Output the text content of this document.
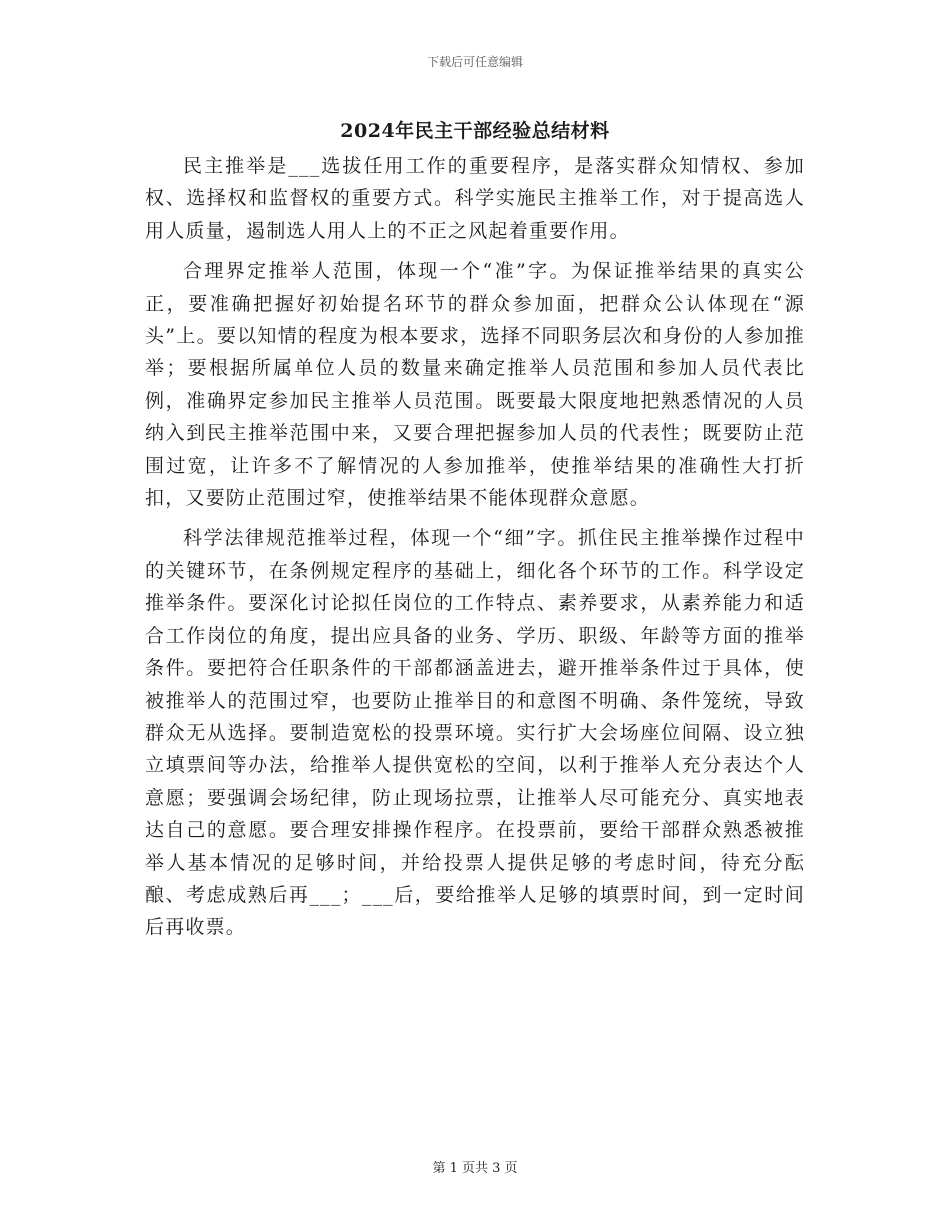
下载后可任意编辑
2024年民主干部经验总结材料

民主推举是___选拔任用工作的重要程序，是落实群众知情权、参加权、选择权和监督权的重要方式。科学实施民主推举工作，对于提高选人用人质量，遏制选人用人上的不正之风起着重要作用。

合理界定推举人范围，体现一个“准”字。为保证推举结果的真实公正，要准确把握好初始提名环节的群众参加面，把群众公认体现在“源头”上。要以知情的程度为根本要求，选择不同职务层次和身份的人参加推举；要根据所属单位人员的数量来确定推举人员范围和参加人员代表比例，准确界定参加民主推举人员范围。既要最大限度地把熟悉情况的人员纳入到民主推举范围中来，又要合理把握参加人员的代表性；既要防止范围过宽，让许多不了解情况的人参加推举，使推举结果的准确性大打折扣，又要防止范围过窄，使推举结果不能体现群众意愿。

科学法律规范推举过程，体现一个“细”字。抓住民主推举操作过程中的关键环节，在条例规定程序的基础上，细化各个环节的工作。科学设定推举条件。要深化讨论拟任岗位的工作特点、素养要求，从素养能力和适合工作岗位的角度，提出应具备的业务、学历、职级、年龄等方面的推举条件。要把符合任职条件的干部都涵盖进去，避开推举条件过于具体，使被推举人的范围过窄，也要防止推举目的和意图不明确、条件笼统，导致群众无从选择。要制造宽松的投票环境。实行扩大会场座位间隔、设立独立填票间等办法，给推举人提供宽松的空间，以利于推举人充分表达个人意愿；要强调会场纪律，防止现场拉票，让推举人尽可能充分、真实地表达自己的意愿。要合理安排操作程序。在投票前，要给干部群众熟悉被推举人基本情况的足够时间，并给投票人提供足够的考虑时间，待充分酝酿、考虑成熟后再___；___后，要给推举人足够的填票时间，到一定时间后再收票。

第 1 页共 3 页
